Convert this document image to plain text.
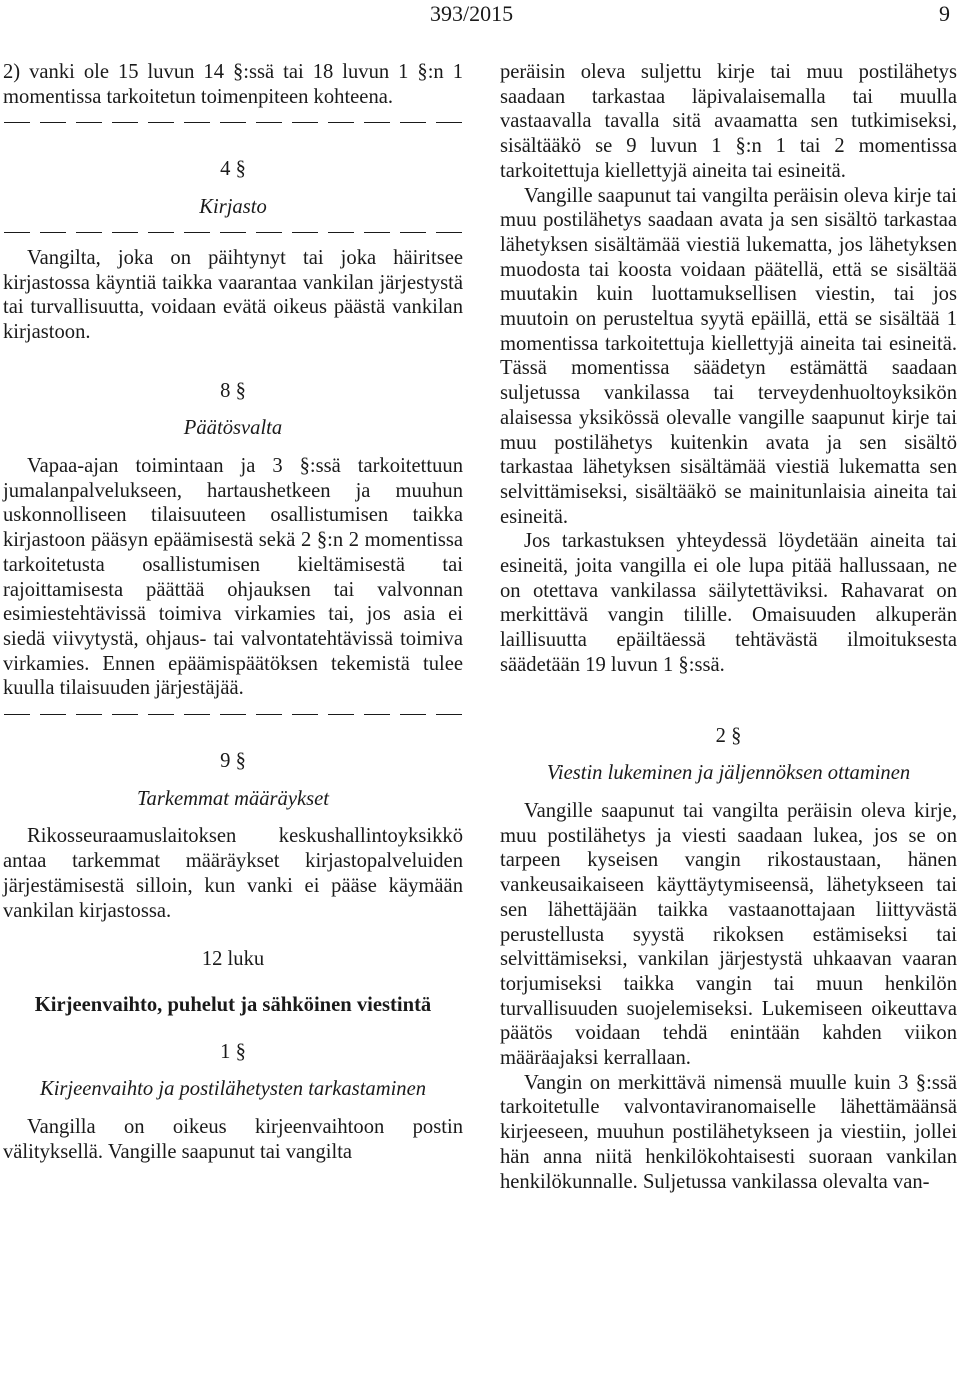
393/2015	9

2) vanki ole 15 luvun 14 §:ssä tai 18 luvun 1 §:n 1 momentissa tarkoitetun toimenpiteen kohteena.

4 §

Kirjasto

Vangilta, joka on päihtynyt tai joka häiritsee kirjastossa käyntiä taikka vaarantaa vankilan järjestystä tai turvallisuutta, voidaan evätä oikeus päästä vankilan kirjastoon.

8 §

Päätösvalta

Vapaa-ajan toimintaan ja 3 §:ssä tarkoitettuun jumalanpalvelukseen, hartaushetkeen ja muuhun uskonnolliseen tilaisuuteen osallistumisen taikka kirjastoon pääsyn epäämisestä sekä 2 §:n 2 momentissa tarkoitetusta osallistumisen kieltämisestä tai rajoittamisesta päättää ohjauksen tai valvonnan esimiestehtävissä toimiva virkamies tai, jos asia ei siedä viivytystä, ohjaus- tai valvontatehtävissä toimiva virkamies. Ennen epäämispäätöksen tekemistä tulee kuulla tilaisuuden järjestäjää.

9 §

Tarkemmat määräykset

Rikosseuraamuslaitoksen keskushallintoyksikkö antaa tarkemmat määräykset kirjastopalveluiden järjestämisestä silloin, kun vanki ei pääse käymään vankilan kirjastossa.

12 luku

Kirjeenvaihto, puhelut ja sähköinen viestintä

1 §

Kirjeenvaihto ja postilähetysten tarkastaminen

Vangilla on oikeus kirjeenvaihtoon postin välityksellä. Vangille saapunut tai vangilta

peräisin oleva suljettu kirje tai muu postilähetys saadaan tarkastaa läpivalaisemalla tai muulla vastaavalla tavalla sitä avaamatta sen tutkimiseksi, sisältääkö se 9 luvun 1 §:n 1 tai 2 momentissa tarkoitettuja kiellettyjä aineita tai esineitä.

Vangille saapunut tai vangilta peräisin oleva kirje tai muu postilähetys saadaan avata ja sen sisältö tarkastaa lähetyksen sisältämää viestiä lukematta, jos lähetyksen muodosta tai koosta voidaan päätellä, että se sisältää muutakin kuin luottamuksellisen viestin, tai jos muutoin on perusteltua syytä epäillä, että se sisältää 1 momentissa tarkoitettuja kiellettyjä aineita tai esineitä. Tässä momentissa säädetyn estämättä saadaan suljetussa vankilassa tai terveydenhuoltoyksikön alaisessa yksikössä olevalle vangille saapunut kirje tai muu postilähetys kuitenkin avata ja sen sisältö tarkastaa lähetyksen sisältämää viestiä lukematta sen selvittämiseksi, sisältääkö se mainitunlaisia aineita tai esineitä.

Jos tarkastuksen yhteydessä löydetään aineita tai esineitä, joita vangilla ei ole lupa pitää hallussaan, ne on otettava vankilassa säilytettäviksi. Rahavarat on merkittävä vangin tilille. Omaisuuden alkuperän laillisuutta epäiltäessä tehtävästä ilmoituksesta säädetään 19 luvun 1 §:ssä.

2 §

Viestin lukeminen ja jäljennöksen ottaminen

Vangille saapunut tai vangilta peräisin oleva kirje, muu postilähetys ja viesti saadaan lukea, jos se on tarpeen kyseisen vangin rikostaustaan, hänen vankeusaikaiseen käyttäytymiseensä, lähetykseen tai sen lähettäjään taikka vastaanottajaan liittyvästä perustellusta syystä rikoksen estämiseksi tai selvittämiseksi, vankilan järjestystä uhkaavan vaaran torjumiseksi taikka vangin tai muun henkilön turvallisuuden suojelemiseksi. Lukemiseen oikeuttava päätös voidaan tehdä enintään kahden viikon määräajaksi kerrallaan.

Vangin on merkittävä nimensä muulle kuin 3 §:ssä tarkoitetulle valvontaviranomaiselle lähettämäänsä kirjeeseen, muuhun postilähetykseen ja viestiin, jollei hän anna niitä henkilökohtaisesti suoraan vankilan henkilökunnalle. Suljetussa vankilassa olevalta van-
